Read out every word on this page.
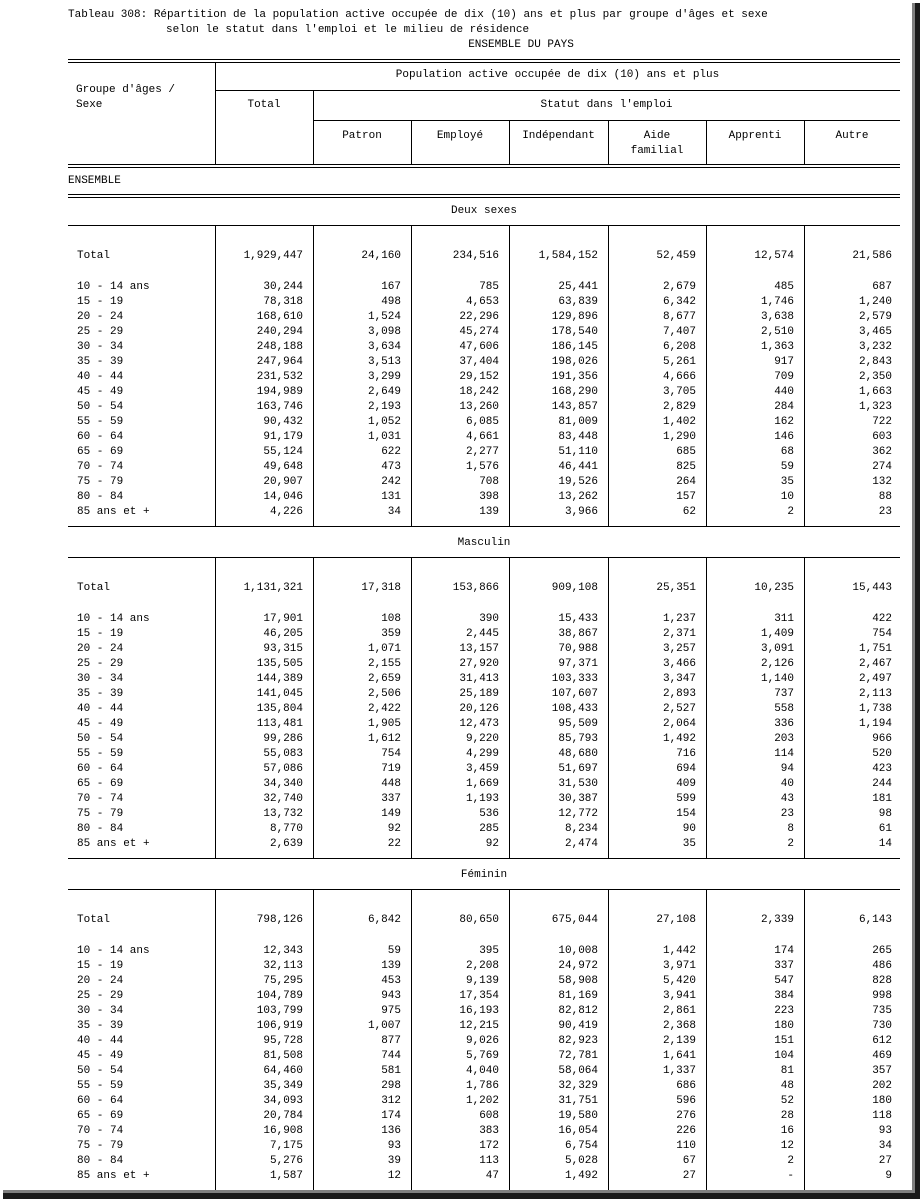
Tableau 308: Répartition de la population active occupée de dix (10) ans et plus par groupe d'âges et sexe
selon le statut dans l'emploi et le milieu de résidence
ENSEMBLE DU PAYS
Groupe d'âges /
Sexe
Population active occupée de dix (10) ans et plus
Total	Statut dans l'emploi
Patron	Employé	Indépendant	Aide
familial
Apprenti	Autre
ENSEMBLE
Deux sexes
Total	1,929,447	24,160	234,516	1,584,152	52,459	12,574	21,586
10 - 14 ans	30,244	167	785	25,441	2,679	485	687
15 - 19	78,318	498	4,653	63,839	6,342	1,746	1,240
20 - 24	168,610	1,524	22,296	129,896	8,677	3,638	2,579
25 - 29	240,294	3,098	45,274	178,540	7,407	2,510	3,465
30 - 34	248,188	3,634	47,606	186,145	6,208	1,363	3,232
35 - 39	247,964	3,513	37,404	198,026	5,261	917	2,843
40 - 44	231,532	3,299	29,152	191,356	4,666	709	2,350
45 - 49	194,989	2,649	18,242	168,290	3,705	440	1,663
50 - 54	163,746	2,193	13,260	143,857	2,829	284	1,323
55 - 59	90,432	1,052	6,085	81,009	1,402	162	722
60 - 64	91,179	1,031	4,661	83,448	1,290	146	603
65 - 69	55,124	622	2,277	51,110	685	68	362
70 - 74	49,648	473	1,576	46,441	825	59	274
75 - 79	20,907	242	708	19,526	264	35	132
80 - 84	14,046	131	398	13,262	157	10	88
85 ans et +	4,226	34	139	3,966	62	2	23
Masculin
Total	1,131,321	17,318	153,866	909,108	25,351	10,235	15,443
10 - 14 ans	17,901	108	390	15,433	1,237	311	422
15 - 19	46,205	359	2,445	38,867	2,371	1,409	754
20 - 24	93,315	1,071	13,157	70,988	3,257	3,091	1,751
25 - 29	135,505	2,155	27,920	97,371	3,466	2,126	2,467
30 - 34	144,389	2,659	31,413	103,333	3,347	1,140	2,497
35 - 39	141,045	2,506	25,189	107,607	2,893	737	2,113
40 - 44	135,804	2,422	20,126	108,433	2,527	558	1,738
45 - 49	113,481	1,905	12,473	95,509	2,064	336	1,194
50 - 54	99,286	1,612	9,220	85,793	1,492	203	966
55 - 59	55,083	754	4,299	48,680	716	114	520
60 - 64	57,086	719	3,459	51,697	694	94	423
65 - 69	34,340	448	1,669	31,530	409	40	244
70 - 74	32,740	337	1,193	30,387	599	43	181
75 - 79	13,732	149	536	12,772	154	23	98
80 - 84	8,770	92	285	8,234	90	8	61
85 ans et +	2,639	22	92	2,474	35	2	14
Féminin
Total	798,126	6,842	80,650	675,044	27,108	2,339	6,143
10 - 14 ans	12,343	59	395	10,008	1,442	174	265
15 - 19	32,113	139	2,208	24,972	3,971	337	486
20 - 24	75,295	453	9,139	58,908	5,420	547	828
25 - 29	104,789	943	17,354	81,169	3,941	384	998
30 - 34	103,799	975	16,193	82,812	2,861	223	735
35 - 39	106,919	1,007	12,215	90,419	2,368	180	730
40 - 44	95,728	877	9,026	82,923	2,139	151	612
45 - 49	81,508	744	5,769	72,781	1,641	104	469
50 - 54	64,460	581	4,040	58,064	1,337	81	357
55 - 59	35,349	298	1,786	32,329	686	48	202
60 - 64	34,093	312	1,202	31,751	596	52	180
65 - 69	20,784	174	608	19,580	276	28	118
70 - 74	16,908	136	383	16,054	226	16	93
75 - 79	7,175	93	172	6,754	110	12	34
80 - 84	5,276	39	113	5,028	67	2	27
85 ans et +	1,587	12	47	1,492	27	-	9
